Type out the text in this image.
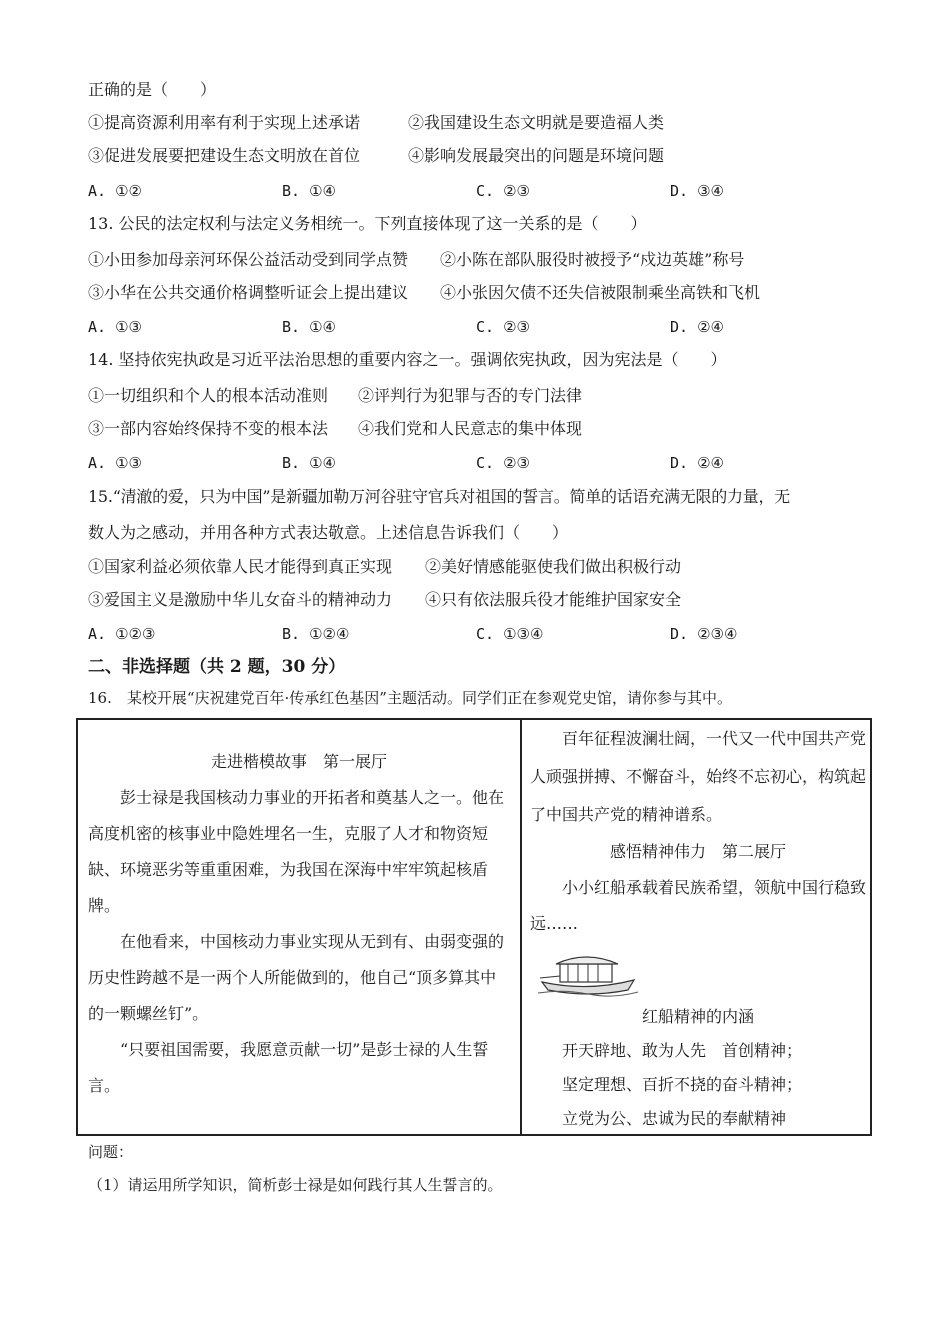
正确的是（　　）
①提高资源利用率有利于实现上述承诺	②我国建设生态文明就是要造福人类
③促进发展要把建设生态文明放在首位	④影响发展最突出的问题是环境问题
A. ①②	B. ①④	C. ②③	D. ③④
13. 公民的法定权利与法定义务相统一。下列直接体现了这一关系的是（　　）
①小田参加母亲河环保公益活动受到同学点赞 ②小陈在部队服役时被授予“戍边英雄”称号
③小华在公共交通价格调整听证会上提出建议 ④小张因欠债不还失信被限制乘坐高铁和飞机
A. ①③	B. ①④	C. ②③	D. ②④
14. 坚持依宪执政是习近平法治思想的重要内容之一。强调依宪执政，因为宪法是（　　）
①一切组织和个人的根本活动准则 ②评判行为犯罪与否的专门法律
③一部内容始终保持不变的根本法 ④我们党和人民意志的集中体现
A. ①③	B. ①④	C. ②③	D. ②④
15.“清澈的爱，只为中国”是新疆加勒万河谷驻守官兵对祖国的誓言。简单的话语充满无限的力量，无
数人为之感动，并用各种方式表达敬意。上述信息告诉我们（　　）
①国家利益必须依靠人民才能得到真正实现 ②美好情感能驱使我们做出积极行动
③爱国主义是激励中华儿女奋斗的精神动力 ④只有依法服兵役才能维护国家安全
A. ①②③	B. ①②④	C. ①③④	D. ②③④
二、非选择题（共 2 题，30 分）
16.　某校开展“庆祝建党百年·传承红色基因”主题活动。同学们正在参观党史馆，请你参与其中。
走进楷模故事　第一展厅
彭士禄是我国核动力事业的开拓者和奠基人之一。他在高度机密的核事业中隐姓埋名一生，克服了人才和物资短缺、环境恶劣等重重困难，为我国在深海中牢牢筑起核盾牌。
在他看来，中国核动力事业实现从无到有、由弱变强的历史性跨越不是一两个人所能做到的，他自己“顶多算其中的一颗螺丝钉”。
“只要祖国需要，我愿意贡献一切”是彭士禄的人生誓言。
百年征程波澜壮阔，一代又一代中国共产党人顽强拼搏、不懈奋斗，始终不忘初心，构筑起了中国共产党的精神谱系。
感悟精神伟力　第二展厅
小小红船承载着民族希望，领航中国行稳致远……
红船精神的内涵
开天辟地、敢为人先　首创精神；
坚定理想、百折不挠的奋斗精神；
立党为公、忠诚为民的奉献精神
问题：
（1）请运用所学知识，简析彭士禄是如何践行其人生誓言的。
